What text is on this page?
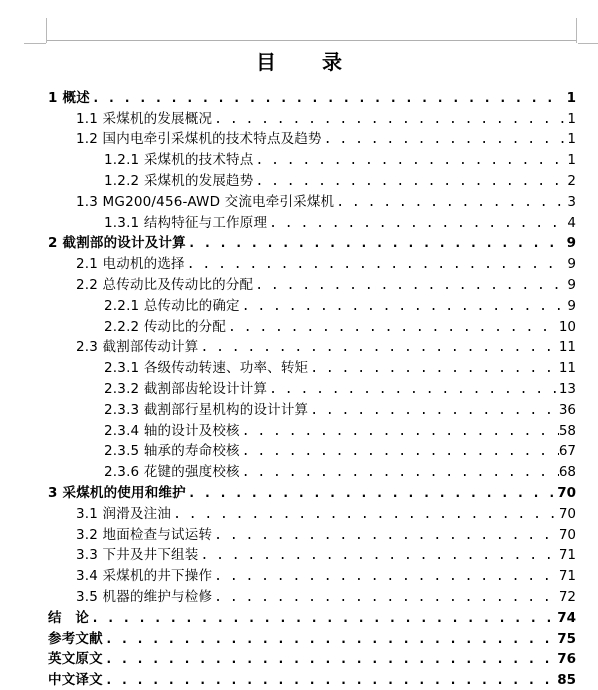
目录
1 概述 . . .	1
1.1 采煤机的发展概况 . . .	1
1.2 国内电牵引采煤机的技术特点及趋势 . . .	1
1.2.1 采煤机的技术特点 . . .	1
1.2.2 采煤机的发展趋势 . . .	2
1.3 MG200/456-AWD 交流电牵引采煤机 . . .	3
1.3.1 结构特征与工作原理 . . .	4
2 截割部的设计及计算 . . .	9
2.1 电动机的选择 . . .	9
2.2 总传动比及传动比的分配 . . .	9
2.2.1 总传动比的确定 . . .	9
2.2.2 传动比的分配 . . .	10
2.3 截割部传动计算 . . .	11
2.3.1 各级传动转速、功率、转矩 . . .	11
2.3.2 截割部齿轮设计计算 . . .	13
2.3.3 截割部行星机构的设计计算 . . .	36
2.3.4 轴的设计及校核 . . .	58
2.3.5 轴承的寿命校核 . . .	67
2.3.6 花键的强度校核 . . .	68
3 采煤机的使用和维护 . . .	70
3.1 润滑及注油 . . .	70
3.2 地面检查与试运转 . . .	70
3.3 下井及井下组装 . . .	71
3.4 采煤机的井下操作 . . .	71
3.5 机器的维护与检修 . . .	72
结　论 . . .	74
参考文献 . . .	75
英文原文 . . .	76
中文译文 . . .	85
